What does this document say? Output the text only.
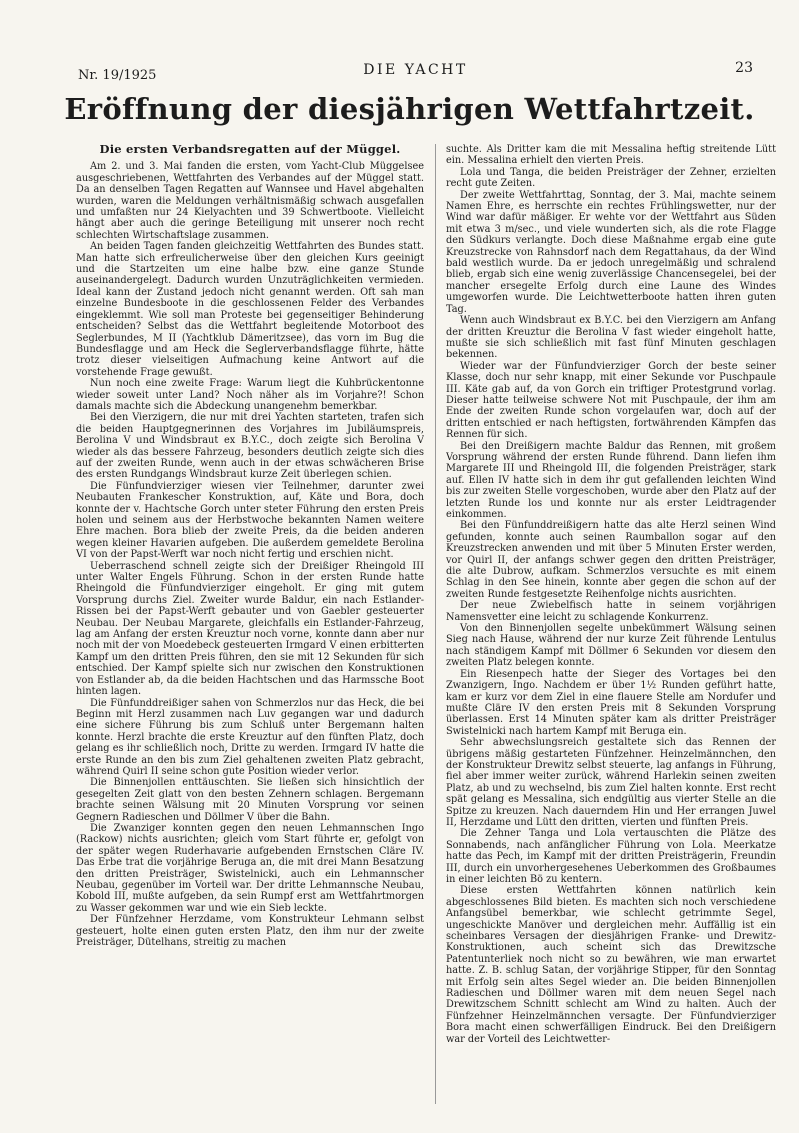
Nr. 19/1925	DIE YACHT	23
Eröffnung der diesjährigen Wettfahrtzeit.
Die ersten Verbandsregatten auf der Müggel.

Am 2. und 3. Mai fanden die ersten, vom Yacht-Club Müggelsee ausgeschriebenen, Wettfahrten des Verbandes auf der Müggel statt. Da an denselben Tagen Regatten auf Wannsee und Havel abgehalten wurden, waren die Meldungen verhältnismäßig schwach ausgefallen und umfaßten nur 24 Kielyachten und 39 Schwertboote. Vielleicht hängt aber auch die geringe Beteiligung mit unserer noch recht schlechten Wirtschaftslage zusammen.

An beiden Tagen fanden gleichzeitig Wettfahrten des Bundes statt. Man hatte sich erfreulicherweise über den gleichen Kurs geeinigt und die Startzeiten um eine halbe bzw. eine ganze Stunde auseinandergelegt. Dadurch wurden Unzuträglichkeiten vermieden. Ideal kann der Zustand jedoch nicht genannt werden. Oft sah man einzelne Bundesboote in die geschlossenen Felder des Verbandes eingeklemmt. Wie soll man Proteste bei gegenseitiger Behinderung entscheiden? Selbst das die Wettfahrt begleitende Motorboot des Seglerbundes, M II (Yachtklub Dämeritzsee), das vorn im Bug die Bundesflagge und am Heck die Seglerverbandsflagge führte, hätte trotz dieser vielseitigen Aufmachung keine Antwort auf die vorstehende Frage gewußt.

Nun noch eine zweite Frage: Warum liegt die Kuhbrückentonne wieder soweit unter Land? Noch näher als im Vorjahre?! Schon damals machte sich die Abdeckung unangenehm bemerkbar.

Bei den Vierzigern, die nur mit drei Yachten starteten, trafen sich die beiden Hauptgegnerinnen des Vorjahres im Jubiläumspreis, Berolina V und Windsbraut ex B.Y.C., doch zeigte sich Berolina V wieder als das bessere Fahrzeug, besonders deutlich zeigte sich dies auf der zweiten Runde, wenn auch in der etwas schwächeren Brise des ersten Rundgangs Windsbraut kurze Zeit überlegen schien.

Die Fünfundvierziger wiesen vier Teilnehmer, darunter zwei Neubauten Frankescher Konstruktion, auf, Käte und Bora, doch konnte der v. Hachtsche Gorch unter steter Führung den ersten Preis holen und seinem aus der Herbstwoche bekannten Namen weitere Ehre machen. Bora blieb der zweite Preis, da die beiden anderen wegen kleiner Havarien aufgeben. Die außerdem gemeldete Berolina VI von der Papst-Werft war noch nicht fertig und erschien nicht.

Ueberraschend schnell zeigte sich der Dreißiger Rheingold III unter Walter Engels Führung. Schon in der ersten Runde hatte Rheingold die Fünfundvierziger eingeholt. Er ging mit gutem Vorsprung durchs Ziel. Zweiter wurde Baldur, ein nach Estlander-Rissen bei der Papst-Werft gebauter und von Gaebler gesteuerter Neubau. Der Neubau Margarete, gleichfalls ein Estlander-Fahrzeug, lag am Anfang der ersten Kreuztur noch vorne, konnte dann aber nur noch mit der von Moedebeck gesteuerten Irmgard V einen erbitterten Kampf um den dritten Preis führen, den sie mit 12 Sekunden für sich entschied. Der Kampf spielte sich nur zwischen den Konstruktionen von Estlander ab, da die beiden Hachtschen und das Harmssche Boot hinten lagen.

Die Fünfunddreißiger sahen von Schmerzlos nur das Heck, die bei Beginn mit Herzl zusammen nach Luv gegangen war und dadurch eine sichere Führung bis zum Schluß unter Bergemann halten konnte. Herzl brachte die erste Kreuztur auf den fünften Platz, doch gelang es ihr schließlich noch, Dritte zu werden. Irmgard IV hatte die erste Runde an den bis zum Ziel gehaltenen zweiten Platz gebracht, während Quirl II seine schon gute Position wieder verlor.

Die Binnenjollen enttäuschten. Sie ließen sich hinsichtlich der gesegelten Zeit glatt von den besten Zehnern schlagen. Bergemann brachte seinen Wälsung mit 20 Minuten Vorsprung vor seinen Gegnern Radieschen und Döllmer V über die Bahn.

Die Zwanziger konnten gegen den neuen Lehmannschen Ingo (Rackow) nichts ausrichten; gleich vom Start führte er, gefolgt von der später wegen Ruderhavarie aufgebenden Ernstschen Cläre IV. Das Erbe trat die vorjährige Beruga an, die mit drei Mann Besatzung den dritten Preisträger, Swistelnicki, auch ein Lehmannscher Neubau, gegenüber im Vorteil war. Der dritte Lehmannsche Neubau, Kobold III, mußte aufgeben, da sein Rumpf erst am Wettfahrtmorgen zu Wasser gekommen war und wie ein Sieb leckte.

Der Fünfzehner Herzdame, vom Konstrukteur Lehmann selbst gesteuert, holte einen guten ersten Platz, den ihm nur der zweite Preisträger, Dütelhans, streitig zu machen

suchte. Als Dritter kam die mit Messalina heftig streitende Lütt ein. Messalina erhielt den vierten Preis.

Lola und Tanga, die beiden Preisträger der Zehner, erzielten recht gute Zeiten.

Der zweite Wettfahrttag, Sonntag, der 3. Mai, machte seinem Namen Ehre, es herrschte ein rechtes Frühlingswetter, nur der Wind war dafür mäßiger. Er wehte vor der Wettfahrt aus Süden mit etwa 3 m/sec., und viele wunderten sich, als die rote Flagge den Südkurs verlangte. Doch diese Maßnahme ergab eine gute Kreuzstrecke von Rahnsdorf nach dem Regattahaus, da der Wind bald westlich wurde. Da er jedoch unregelmäßig und schralend blieb, ergab sich eine wenig zuverlässige Chancensegelei, bei der mancher ersegelte Erfolg durch eine Laune des Windes umgeworfen wurde. Die Leichtwetterboote hatten ihren guten Tag.

Wenn auch Windsbraut ex B.Y.C. bei den Vierzigern am Anfang der dritten Kreuztur die Berolina V fast wieder eingeholt hatte, mußte sie sich schließlich mit fast fünf Minuten geschlagen bekennen.

Wieder war der Fünfundvierziger Gorch der beste seiner Klasse, doch nur sehr knapp, mit einer Sekunde vor Puschpaule III. Käte gab auf, da von Gorch ein triftiger Protestgrund vorlag. Dieser hatte teilweise schwere Not mit Puschpaule, der ihm am Ende der zweiten Runde schon vorgelaufen war, doch auf der dritten entschied er nach heftigsten, fortwährenden Kämpfen das Rennen für sich.

Bei den Dreißigern machte Baldur das Rennen, mit großem Vorsprung während der ersten Runde führend. Dann liefen ihm Margarete III und Rheingold III, die folgenden Preisträger, stark auf. Ellen IV hatte sich in dem ihr gut gefallenden leichten Wind bis zur zweiten Stelle vorgeschoben, wurde aber den Platz auf der letzten Runde los und konnte nur als erster Leidtragender einkommen.

Bei den Fünfunddreißigern hatte das alte Herzl seinen Wind gefunden, konnte auch seinen Raumballon sogar auf den Kreuzstrecken anwenden und mit über 5 Minuten Erster werden, vor Quirl II, der anfangs schwer gegen den dritten Preisträger, die alte Dubrow, aufkam. Schmerzlos versuchte es mit einem Schlag in den See hinein, konnte aber gegen die schon auf der zweiten Runde festgesetzte Reihenfolge nichts ausrichten.

Der neue Zwiebelfisch hatte in seinem vorjährigen Namensvetter eine leicht zu schlagende Konkurrenz.

Von den Binnenjollen segelte unbekümmert Wälsung seinen Sieg nach Hause, während der nur kurze Zeit führende Lentulus nach ständigem Kampf mit Döllmer 6 Sekunden vor diesem den zweiten Platz belegen konnte.

Ein Riesenpech hatte der Sieger des Vortages bei den Zwanzigern, Ingo. Nachdem er über 1½ Runden geführt hatte, kam er kurz vor dem Ziel in eine flauere Stelle am Nordufer und mußte Cläre IV den ersten Preis mit 8 Sekunden Vorsprung überlassen. Erst 14 Minuten später kam als dritter Preisträger Swistelnicki nach hartem Kampf mit Beruga ein.

Sehr abwechslungsreich gestaltete sich das Rennen der übrigens mäßig gestarteten Fünfzehner. Heinzelmännchen, den der Konstrukteur Drewitz selbst steuerte, lag anfangs in Führung, fiel aber immer weiter zurück, während Harlekin seinen zweiten Platz, ab und zu wechselnd, bis zum Ziel halten konnte. Erst recht spät gelang es Messalina, sich endgültig aus vierter Stelle an die Spitze zu kreuzen. Nach dauerndem Hin und Her errangen Juwel II, Herzdame und Lütt den dritten, vierten und fünften Preis.

Die Zehner Tanga und Lola vertauschten die Plätze des Sonnabends, nach anfänglicher Führung von Lola. Meerkatze hatte das Pech, im Kampf mit der dritten Preisträgerin, Freundin III, durch ein unvorhergesehenes Ueberkommen des Großbaumes in einer leichten Bö zu kentern.

Diese ersten Wettfahrten können natürlich kein abgeschlossenes Bild bieten. Es machten sich noch verschiedene Anfangsübel bemerkbar, wie schlecht getrimmte Segel, ungeschickte Manöver und dergleichen mehr. Auffällig ist ein scheinbares Versagen der diesjährigen Franke- und Drewitz-Konstruktionen, auch scheint sich das Drewitzsche Patentunterliek noch nicht so zu bewähren, wie man erwartet hatte. Z. B. schlug Satan, der vorjährige Stipper, für den Sonntag mit Erfolg sein altes Segel wieder an. Die beiden Binnenjollen Radieschen und Döllmer waren mit dem neuen Segel nach Drewitzschem Schnitt schlecht am Wind zu halten. Auch der Fünfzehner Heinzelmännchen versagte. Der Fünfundvierziger Bora macht einen schwerfälligen Eindruck. Bei den Dreißigern war der Vorteil des Leichtwetter-
